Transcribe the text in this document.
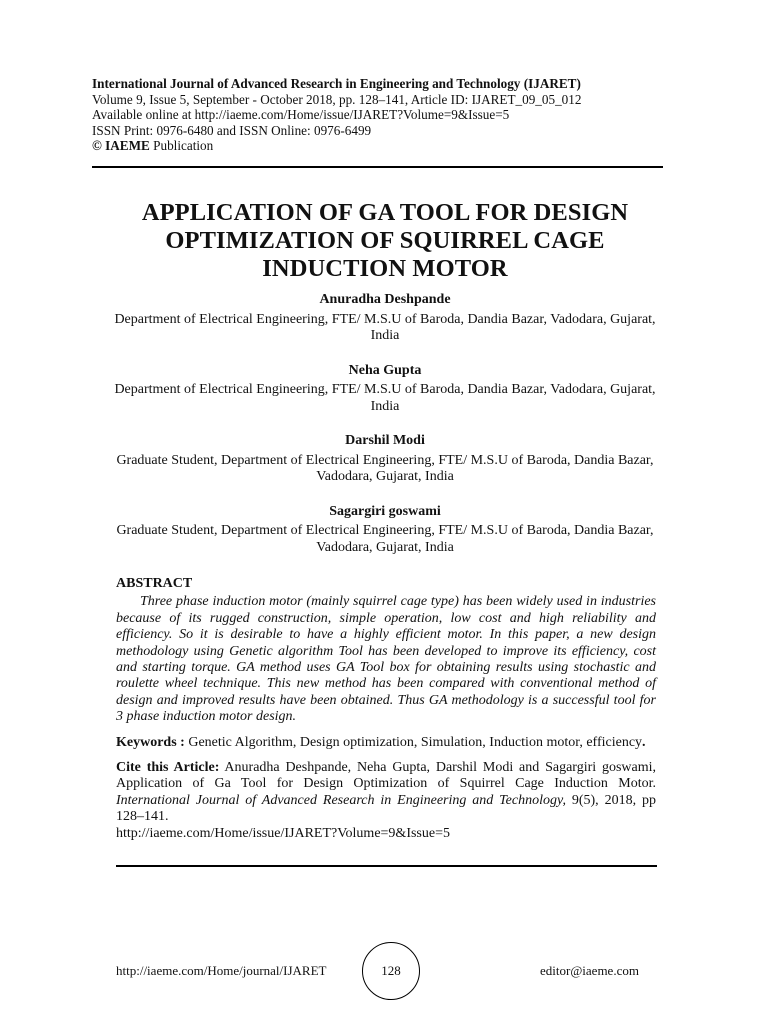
International Journal of Advanced Research in Engineering and Technology (IJARET)
Volume 9, Issue 5, September - October 2018, pp. 128–141, Article ID: IJARET_09_05_012
Available online at http://iaeme.com/Home/issue/IJARET?Volume=9&Issue=5
ISSN Print: 0976-6480 and ISSN Online: 0976-6499
© IAEME Publication
APPLICATION OF GA TOOL FOR DESIGN
OPTIMIZATION OF SQUIRREL CAGE
INDUCTION MOTOR
Anuradha Deshpande
Department of Electrical Engineering, FTE/ M.S.U of Baroda, Dandia Bazar, Vadodara, Gujarat, India
Neha Gupta
Department of Electrical Engineering, FTE/ M.S.U of Baroda, Dandia Bazar, Vadodara, Gujarat, India
Darshil Modi
Graduate Student, Department of Electrical Engineering, FTE/ M.S.U of Baroda, Dandia Bazar, Vadodara, Gujarat, India
Sagargiri goswami
Graduate Student, Department of Electrical Engineering, FTE/ M.S.U of Baroda, Dandia Bazar, Vadodara, Gujarat, India
ABSTRACT
Three phase induction motor (mainly squirrel cage type) has been widely used in industries because of its rugged construction, simple operation, low cost and high reliability and efficiency. So it is desirable to have a highly efficient motor. In this paper, a new design methodology using Genetic algorithm Tool has been developed to improve its efficiency, cost and starting torque. GA method uses GA Tool box for obtaining results using stochastic and roulette wheel technique. This new method has been compared with conventional method of design and improved results have been obtained. Thus GA methodology is a successful tool for 3 phase induction motor design.
Keywords : Genetic Algorithm, Design optimization, Simulation, Induction motor, efficiency.
Cite this Article: Anuradha Deshpande, Neha Gupta, Darshil Modi and Sagargiri goswami, Application of Ga Tool for Design Optimization of Squirrel Cage Induction Motor. International Journal of Advanced Research in Engineering and Technology, 9(5), 2018, pp 128–141.
http://iaeme.com/Home/issue/IJARET?Volume=9&Issue=5
http://iaeme.com/Home/journal/IJARET	128	editor@iaeme.com
